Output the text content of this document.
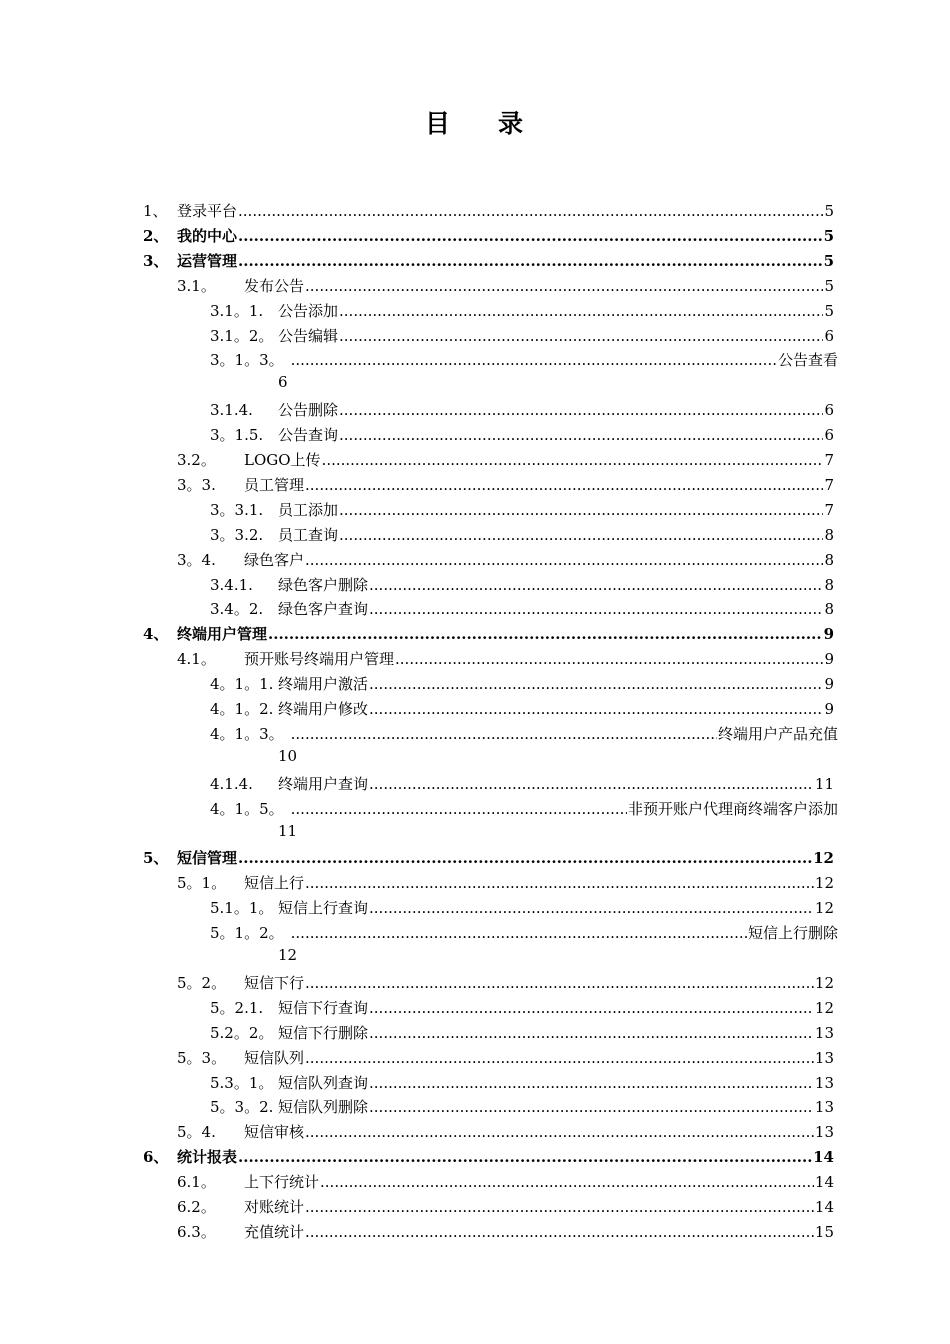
目 录
1、 登录平台 .....	5
2、 我的中心 .....	5
3、 运营管理 .....	5
3.1。	发布公告 .....	5
3.1。1. 公告添加 .....	5
3.1。2。 公告编辑 .....	6
3。1。3。 .....	公告查看
6
3.1.4.	公告删除 .....	6
3。1.5. 公告查询 .....	6
3.2。	LOGO上传 .....	7
3。3.	员工管理 .....	7
3。3.1. 员工添加 .....	7
3。3.2. 员工查询 .....	8
3。4.	绿色客户 .....	8
3.4.1.	绿色客户删除 .....	8
3.4。2. 绿色客户查询 .....	8
4、 终端用户管理 .....	9
4.1。	预开账号终端用户管理 .....	9
4。1。1. 终端用户激活 .....	9
4。1。2. 终端用户修改 .....	9
4。1。3。 .....	终端用户产品充值
10
4.1.4.	终端用户查询 .....	11
4。1。5。 .....	非预开账户代理商终端客户添加
11
5、 短信管理 .....	12
5。1。	短信上行 .....	12
5.1。1。 短信上行查询 .....	12
5。1。2。 .....	短信上行删除
12
5。2。	短信下行 .....	12
5。2.1. 短信下行查询 .....	12
5.2。2。 短信下行删除 .....	13
5。3。	短信队列 .....	13
5.3。1。 短信队列查询 .....	13
5。3。2. 短信队列删除 .....	13
5。4.	短信审核 .....	13
6、 统计报表 .....	14
6.1。	上下行统计 .....	14
6.2。	对账统计 .....	14
6.3。	充值统计 .....	15
